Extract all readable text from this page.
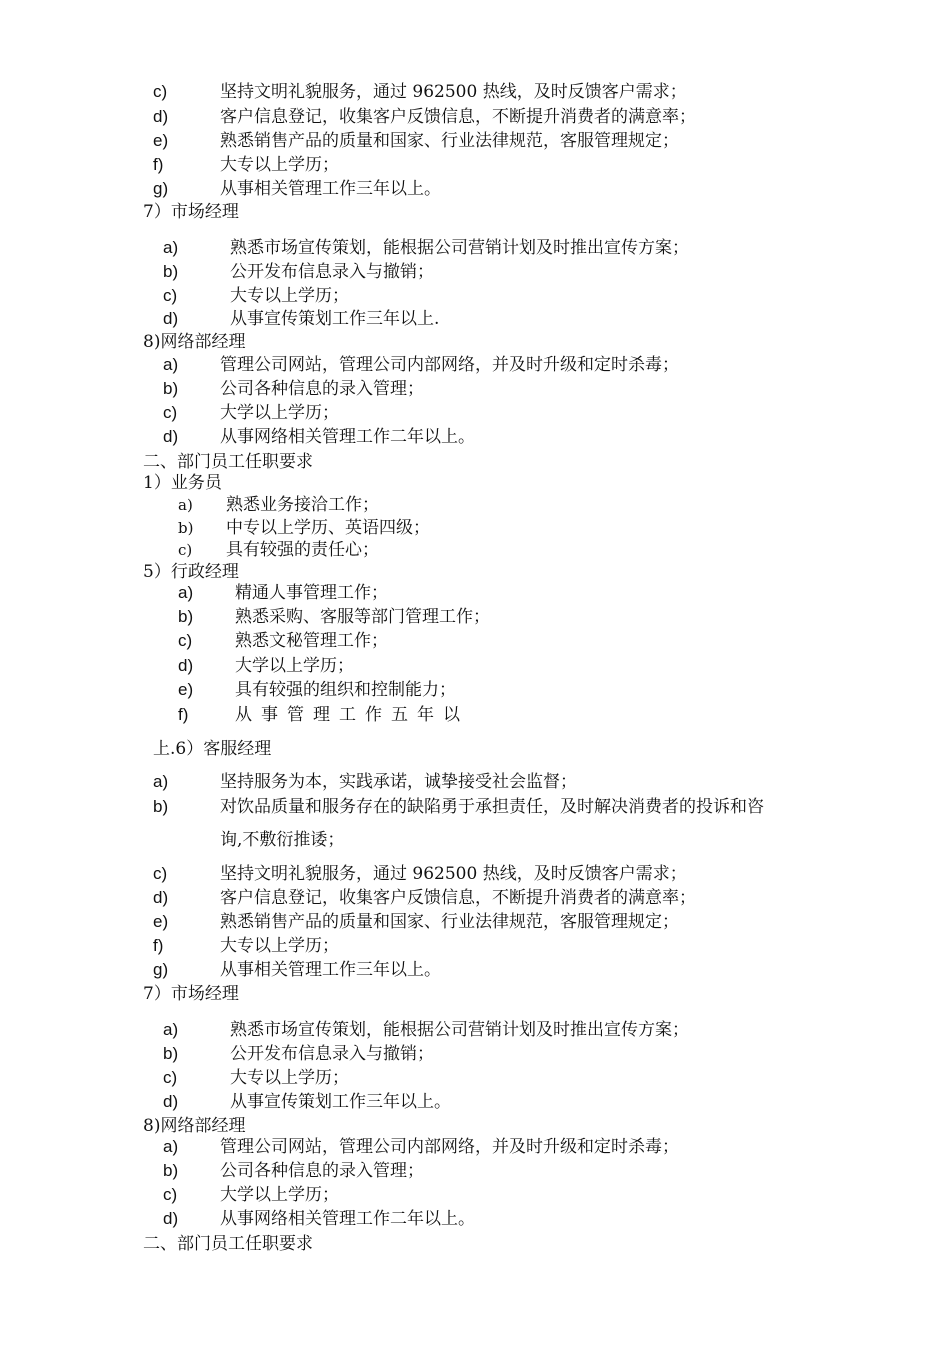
c)	坚持文明礼貌服务，通过 962500 热线，及时反馈客户需求；
d)	客户信息登记，收集客户反馈信息，不断提升消费者的满意率；
e)	熟悉销售产品的质量和国家、行业法律规范，客服管理规定；
f)	大专以上学历；
g)	从事相关管理工作三年以上。
7）市场经理
a)	熟悉市场宣传策划，能根据公司营销计划及时推出宣传方案；
b)	公开发布信息录入与撤销；
c)	大专以上学历；
d)	从事宣传策划工作三年以上.
8)网络部经理
a) 管理公司网站，管理公司内部网络，并及时升级和定时杀毒；
b) 公司各种信息的录入管理；
c)	大学以上学历；
d) 从事网络相关管理工作二年以上。
二、部门员工任职要求
1）业务员
a) 熟悉业务接洽工作；
b) 中专以上学历、英语四级；
c) 具有较强的责任心；
5）行政经理
a) 精通人事管理工作；
b) 熟悉采购、客服等部门管理工作；
c)	熟悉文秘管理工作；
d) 大学以上学历；
e) 具有较强的组织和控制能力；
f)	从事管理工作五年以
上.6）客服经理
a)	坚持服务为本，实践承诺，诚挚接受社会监督；
b)	对饮品质量和服务存在的缺陷勇于承担责任，及时解决消费者的投诉和咨
询,不敷衍推诿；
c)	坚持文明礼貌服务，通过 962500 热线，及时反馈客户需求；
d)	客户信息登记，收集客户反馈信息，不断提升消费者的满意率；
e)	熟悉销售产品的质量和国家、行业法律规范，客服管理规定；
f)	大专以上学历；
g)	从事相关管理工作三年以上。
7）市场经理
a)	熟悉市场宣传策划，能根据公司营销计划及时推出宣传方案；
b)	公开发布信息录入与撤销；
c)	大专以上学历；
d)	从事宣传策划工作三年以上。
8)网络部经理
a) 管理公司网站，管理公司内部网络，并及时升级和定时杀毒；
b) 公司各种信息的录入管理；
c)	大学以上学历；
d) 从事网络相关管理工作二年以上。
二、部门员工任职要求
